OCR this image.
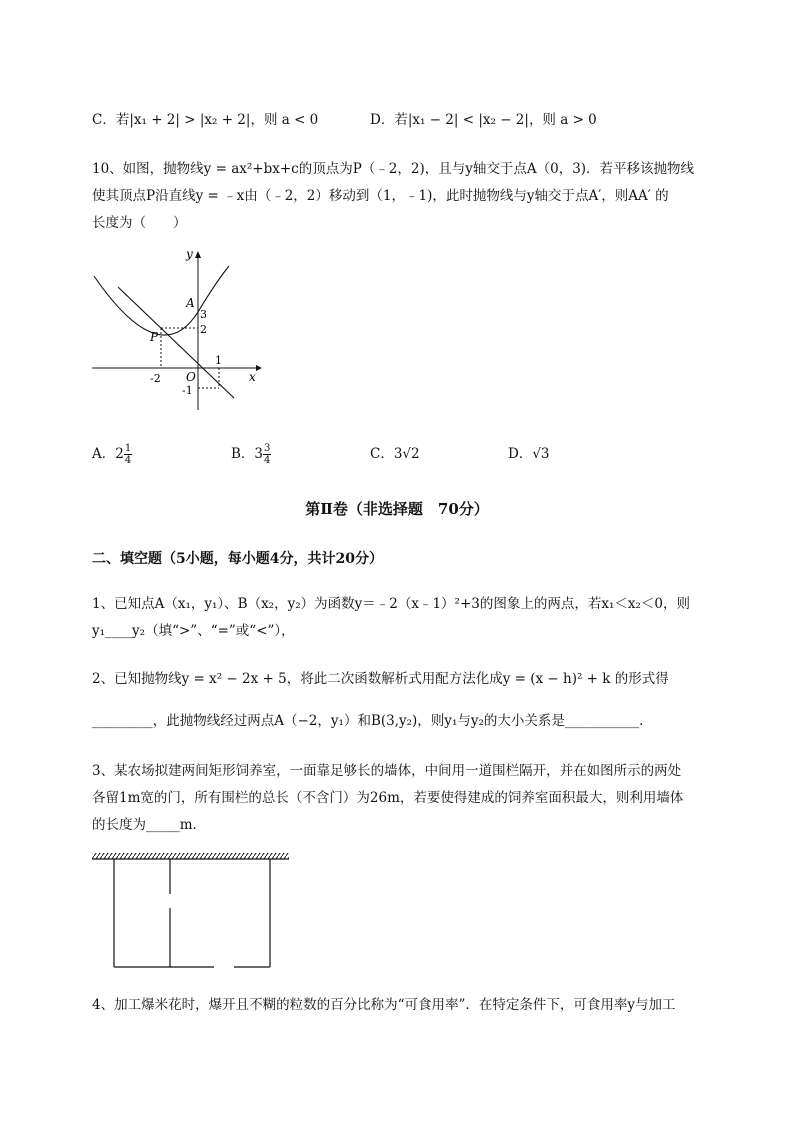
C．若|x₁ + 2| > |x₂ + 2|，则 a < 0	D．若|x₁ − 2| < |x₂ − 2|，则 a > 0
10、如图，抛物线y = ax²+bx+c的顶点为P（﹣2，2)，且与y轴交于点A（0，3)．若平移该抛物线
使其顶点P沿直线y = ﹣x由（﹣2，2）移动到（1，﹣1)，此时抛物线与y轴交于点A′，则AA′ 的
长度为（　　）
y
x
A
3
2
P
1
-2 O
-1
A．$2 \frac{1}{4}$	B．$3 \frac{3}{4}$	C．3√2	D．√3
第Ⅱ卷（非选择题　70分）
二、填空题（5小题，每小题4分，共计20分）
1、已知点A（x₁，y₁）、B（x₂，y₂）为函数y＝﹣2（x﹣1）²+3的图象上的两点，若x₁＜x₂＜0，则
y₁____y₂（填“>”、“=”或“<”），
2、已知抛物线y = x² − 2x + 5，将此二次函数解析式用配方法化成y = (x − h)² + k 的形式得
_________，此抛物线经过两点A（−2，y₁）和B(3,y₂)，则y₁与y₂的大小关系是___________.
3、某农场拟建两间矩形饲养室，一面靠足够长的墙体，中间用一道围栏隔开，并在如图所示的两处
各留1m宽的门，所有围栏的总长（不含门）为26m，若要使得建成的饲养室面积最大，则利用墙体
的长度为_____m．
4、加工爆米花时，爆开且不糊的粒数的百分比称为“可食用率”．在特定条件下，可食用率y与加工
